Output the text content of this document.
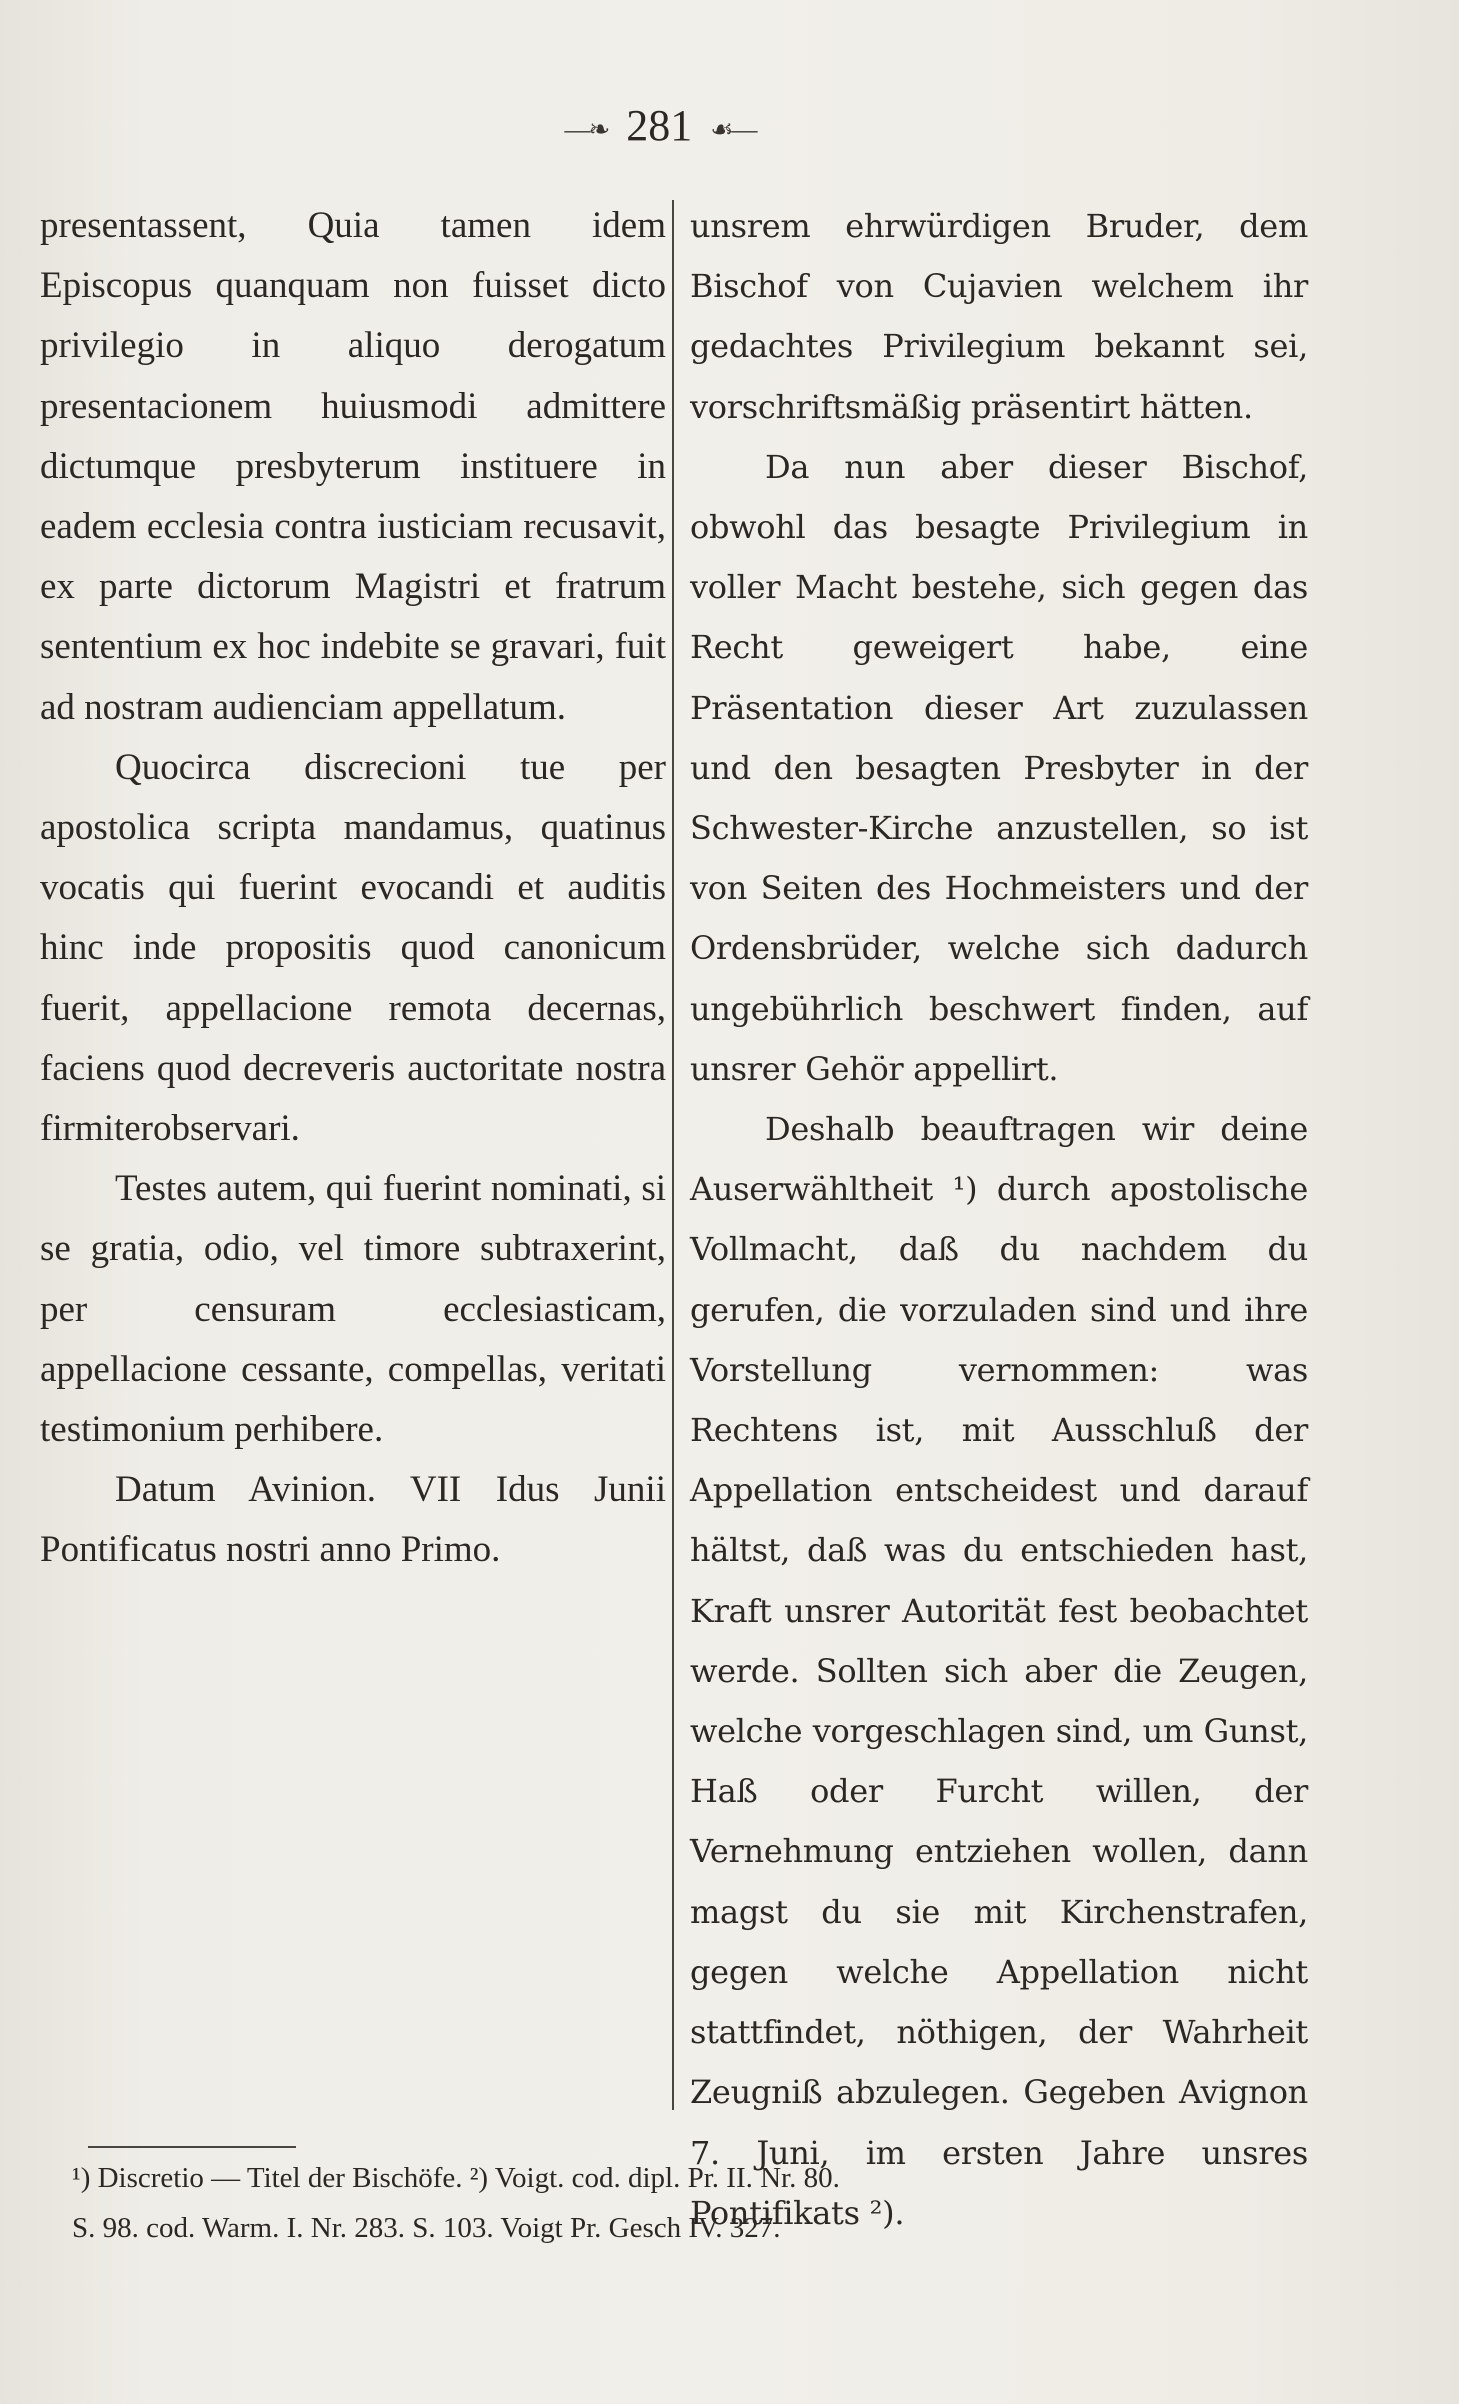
—❧ 281 ☙—

presentassent, Quia tamen idem Episcopus quanquam non fuisset dicto privilegio in aliquo derogatum presentacionem huiusmodi admittere dictumque presbyterum instituere in eadem ecclesia contra iusticiam recusavit, ex parte dictorum Magistri et fratrum sententium ex hoc indebite se gravari, fuit ad nostram audienciam appellatum.

Quocirca discrecioni tue per apostolica scripta mandamus, quatinus vocatis qui fuerint evocandi et auditis hinc inde propositis quod canonicum fuerit, appellacione remota decernas, faciens quod decreveris auctoritate nostra firmiterobservari.

Testes autem, qui fuerint nominati, si se gratia, odio, vel timore subtraxerint, per censuram ecclesiasticam, appellacione cessante, compellas, veritati testimonium perhibere.

Datum Avinion. VII Idus Junii Pontificatus nostri anno Primo.

unsrem ehrwürdigen Bruder, dem Bischof von Cujavien welchem ihr gedachtes Privilegium bekannt sei, vorschriftsmäßig präsentirt hätten.

Da nun aber dieser Bischof, obwohl das besagte Privilegium in voller Macht bestehe, sich gegen das Recht geweigert habe, eine Präsentation dieser Art zuzulassen und den besagten Presbyter in der Schwester-Kirche anzustellen, so ist von Seiten des Hochmeisters und der Ordensbrüder, welche sich dadurch ungebührlich beschwert finden, auf unsrer Gehör appellirt.

Deshalb beauftragen wir deine Auserwähltheit ¹) durch apostolische Vollmacht, daß du nachdem du gerufen, die vorzuladen sind und ihre Vorstellung vernommen: was Rechtens ist, mit Ausschluß der Appellation entscheidest und darauf hältst, daß was du entschieden hast, Kraft unsrer Autorität fest beobachtet werde. Sollten sich aber die Zeugen, welche vorgeschlagen sind, um Gunst, Haß oder Furcht willen, der Vernehmung entziehen wollen, dann magst du sie mit Kirchenstrafen, gegen welche Appellation nicht stattfindet, nöthigen, der Wahrheit Zeugniß abzulegen. Gegeben Avignon 7. Juni, im ersten Jahre unsres Pontifikats ²).

¹) Discretio — Titel der Bischöfe. ²) Voigt. cod. dipl. Pr. II. Nr. 80.
S. 98. cod. Warm. I. Nr. 283. S. 103. Voigt Pr. Gesch IV. 327.
